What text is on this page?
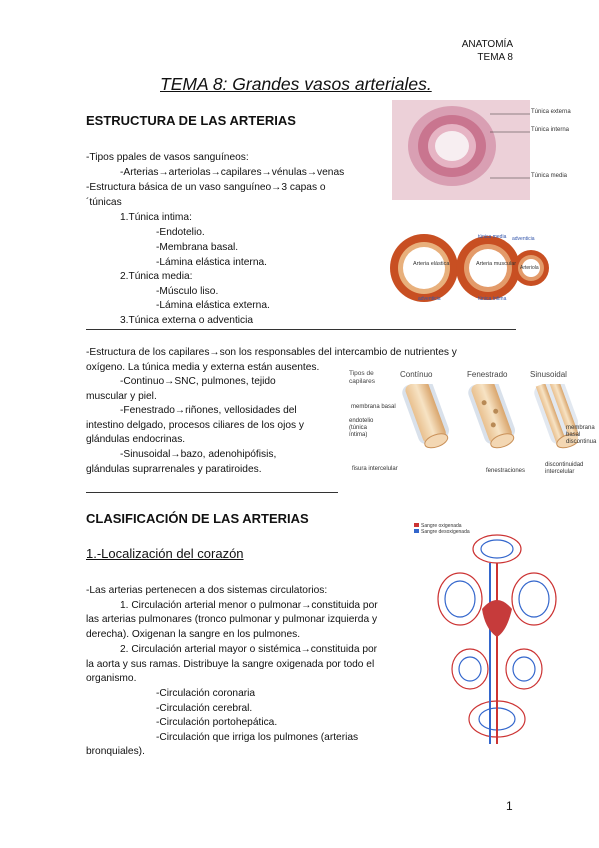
ANATOMÍA
TEMA 8
TEMA 8: Grandes vasos arteriales.
ESTRUCTURA DE LAS ARTERIAS
-Tipos ppales de vasos sanguíneos:
-Arterias→arteriolas→capilares→vénulas→venas
-Estructura básica de un vaso sanguíneo→3 capas o
´túnicas
1.Túnica intima:
-Endotelio.
-Membrana basal.
-Lámina elástica interna.
2.Túnica media:
-Músculo liso.
-Lámina elástica externa.
3.Túnica externa o adventicia
Túnica externa
Túnica interna
Túnica media
Arteria elástica	Arteria muscular
Arteriola
túnica media adventicia
túnica íntima
adventicia
-Estructura de los capilares→son los responsables del intercambio de nutrientes y
oxígeno. La túnica media y externa están ausentes.
-Continuo→SNC, pulmones, tejido
muscular y piel.
-Fenestrado→riñones, vellosidades del
intestino delgado, procesos ciliares de los ojos y
glándulas endocrinas.
-Sinusoidal→bazo, adenohipófisis,
glándulas suprarrenales y paratiroides.
Tipos de capilares
Contínuo	Fenestrado	Sinusoidal
membrana basal
endotelio (túnica íntima)
fisura intercelular	fenestraciones
membrana basal discontinua
discontinuidad intercelular
CLASIFICACIÓN DE LAS ARTERIAS
1.-Localización del corazón
-Las arterias pertenecen a dos sistemas circulatorios:
1. Circulación arterial menor o pulmonar→constituida por
las arterias pulmonares (tronco pulmonar y pulmonar izquierda y
derecha). Oxigenan la sangre en los pulmones.
2. Circulación arterial mayor o sistémica→constituida por
la aorta y sus ramas. Distribuye la sangre oxigenada por todo el
organismo.
-Circulación coronaria
-Circulación cerebral.
-Circulación portohepática.
-Circulación que irriga los pulmones (arterias
bronquiales).
Sangre oxigenada
Sangre desoxigenada
1
